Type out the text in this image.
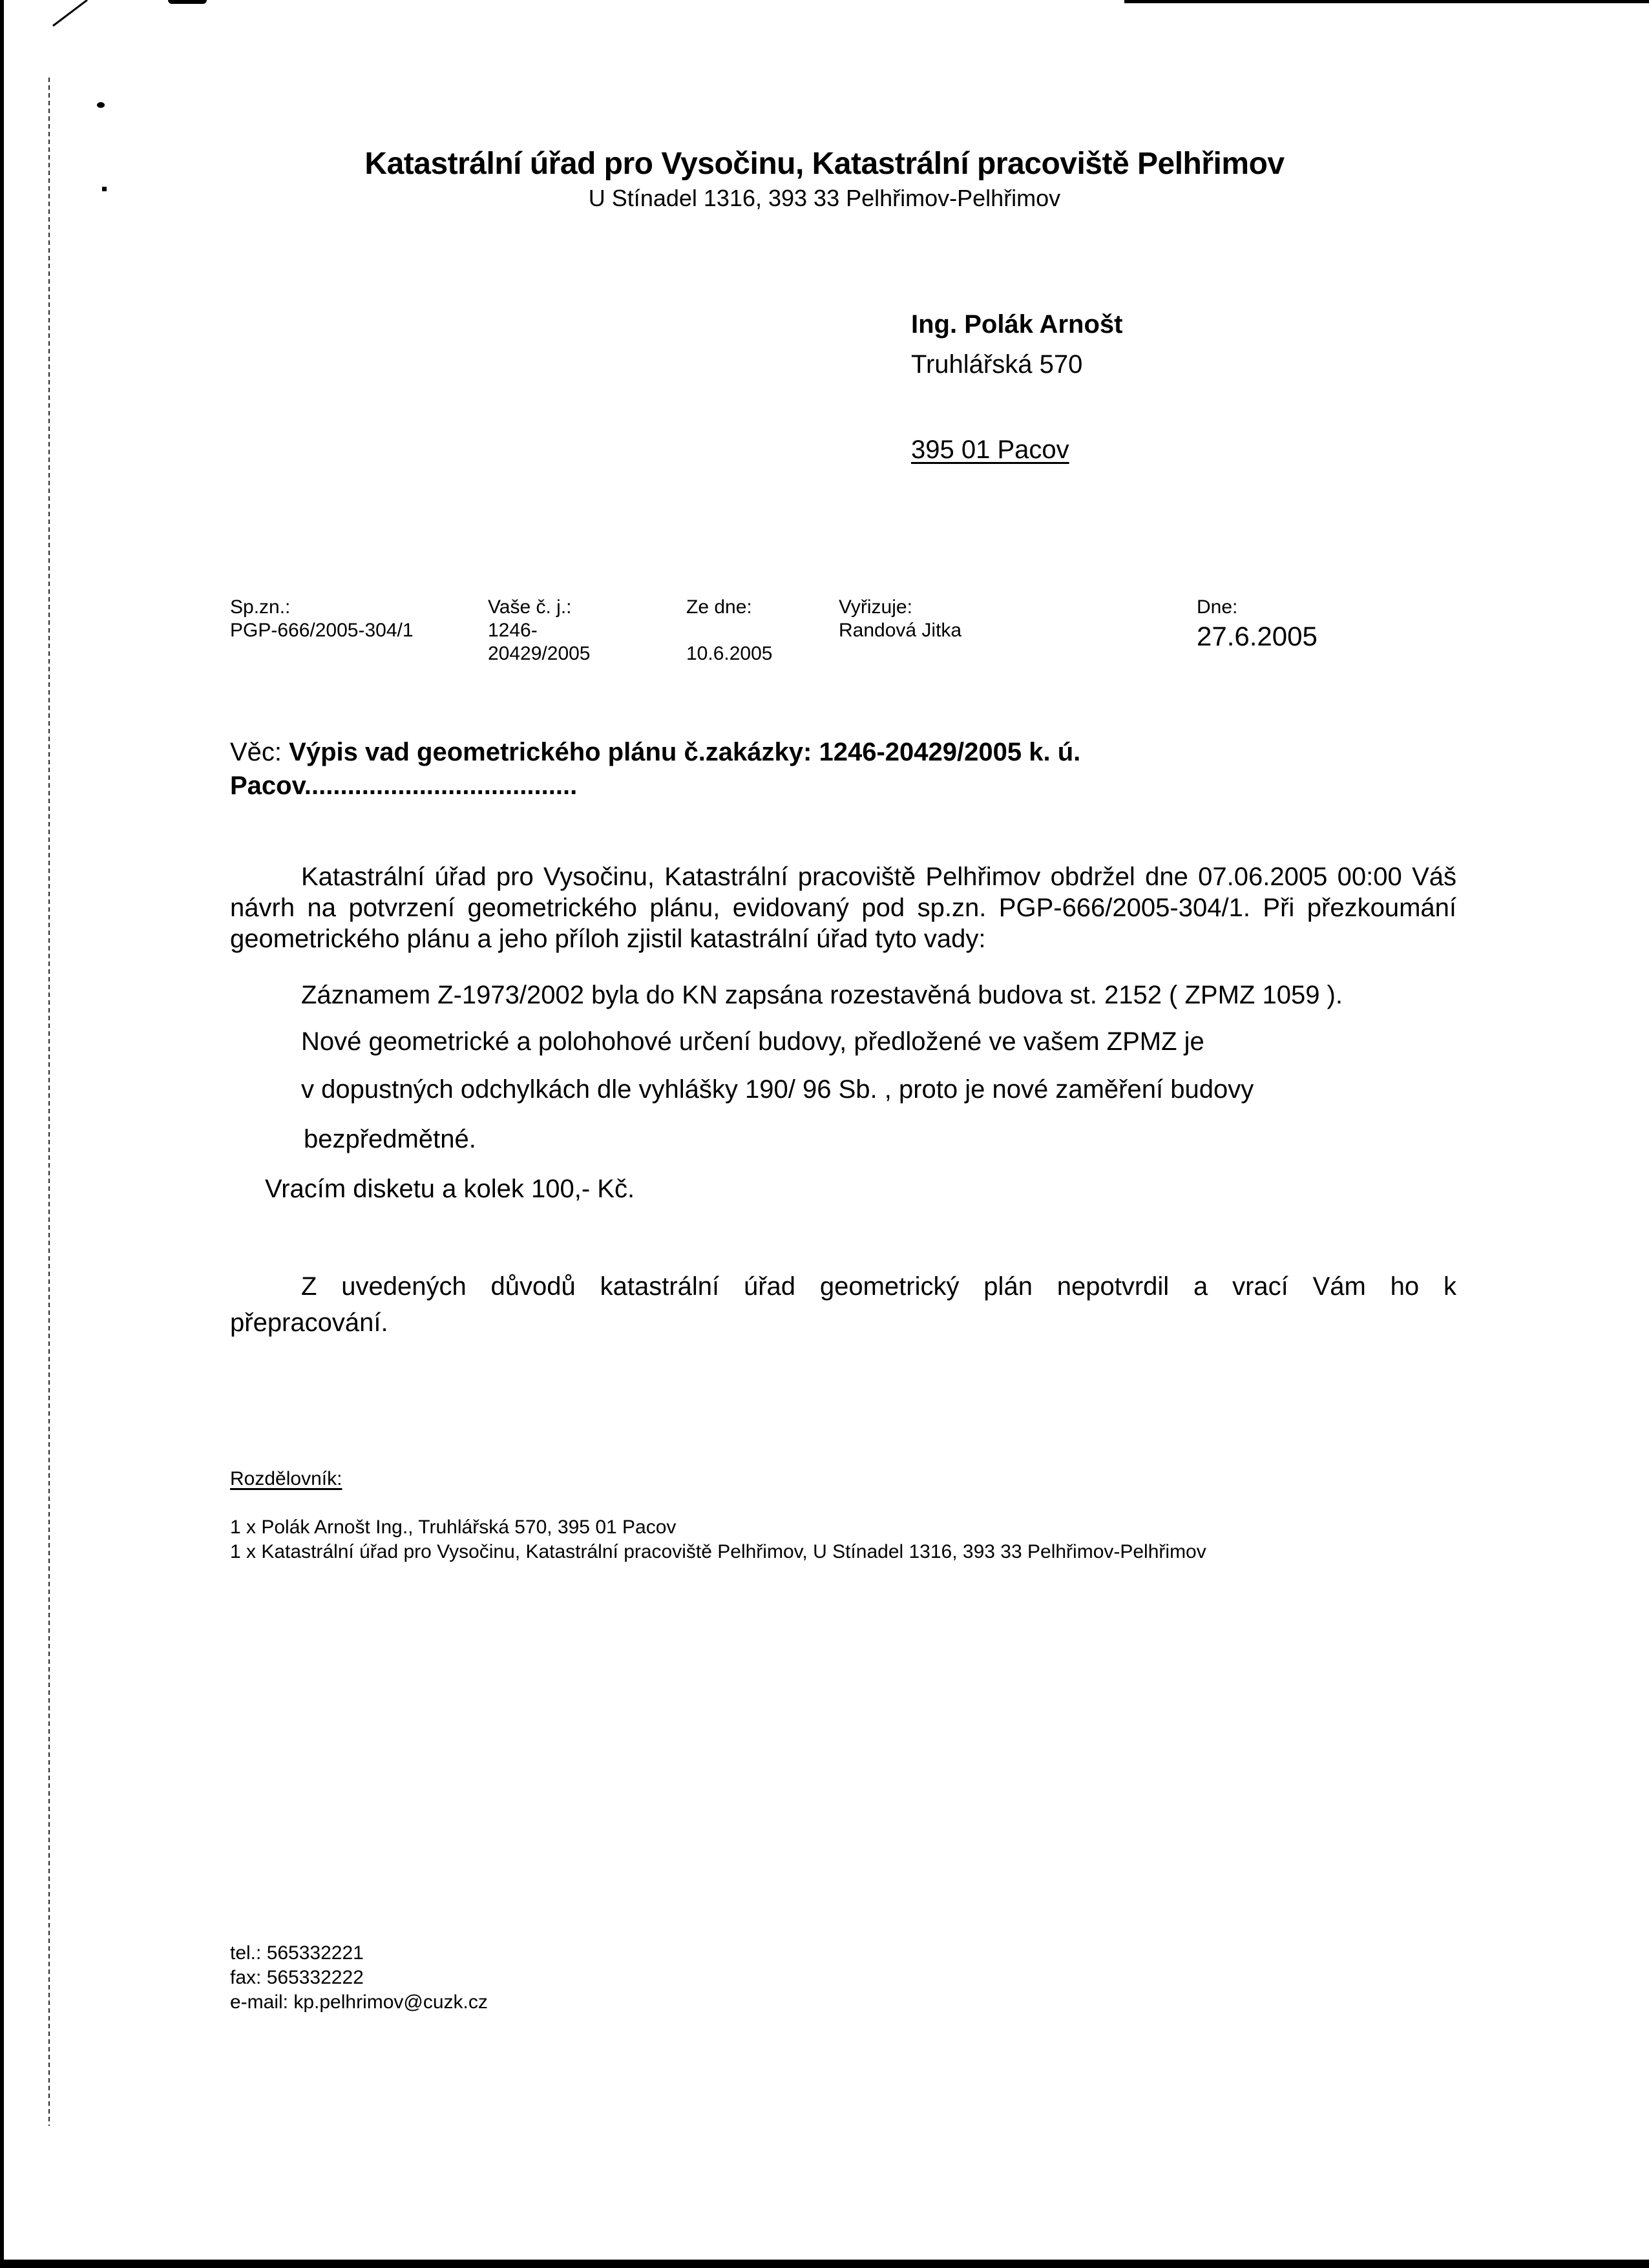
Katastrální úřad pro Vysočinu, Katastrální pracoviště Pelhřimov
U Stínadel 1316, 393 33 Pelhřimov-Pelhřimov
Ing. Polák Arnošt
Truhlářská 570
395 01 Pacov
Sp.zn.:
PGP-666/2005-304/1
Vaše č. j.:
1246-
20429/2005
Ze dne:
10.6.2005
Vyřizuje:
Randová Jitka
Dne:
27.6.2005
Věc: Výpis vad geometrického plánu č.zakázky: 1246-20429/2005 k. ú. Pacov......................................
Katastrální úřad pro Vysočinu, Katastrální pracoviště Pelhřimov obdržel dne 07.06.2005 00:00 Váš návrh na potvrzení geometrického plánu, evidovaný pod sp.zn. PGP-666/2005-304/1. Při přezkoumání geometrického plánu a jeho příloh zjistil katastrální úřad tyto vady:
Záznamem Z-1973/2002 byla do KN zapsána rozestavěná budova st. 2152 ( ZPMZ 1059 ).
Nové geometrické a polohohové určení budovy, předložené ve vašem ZPMZ je
v dopustných odchylkách dle vyhlášky 190/ 96 Sb. , proto je nové zaměření budovy
bezpředmětné.
Vracím disketu a kolek 100,- Kč.
Z uvedených důvodů katastrální úřad geometrický plán nepotvrdil a vrací Vám ho k přepracování.
Rozdělovník:
1 x Polák Arnošt Ing., Truhlářská 570, 395 01 Pacov
1 x Katastrální úřad pro Vysočinu, Katastrální pracoviště Pelhřimov, U Stínadel 1316, 393 33 Pelhřimov-Pelhřimov
tel.: 565332221
fax: 565332222
e-mail: kp.pelhrimov@cuzk.cz
